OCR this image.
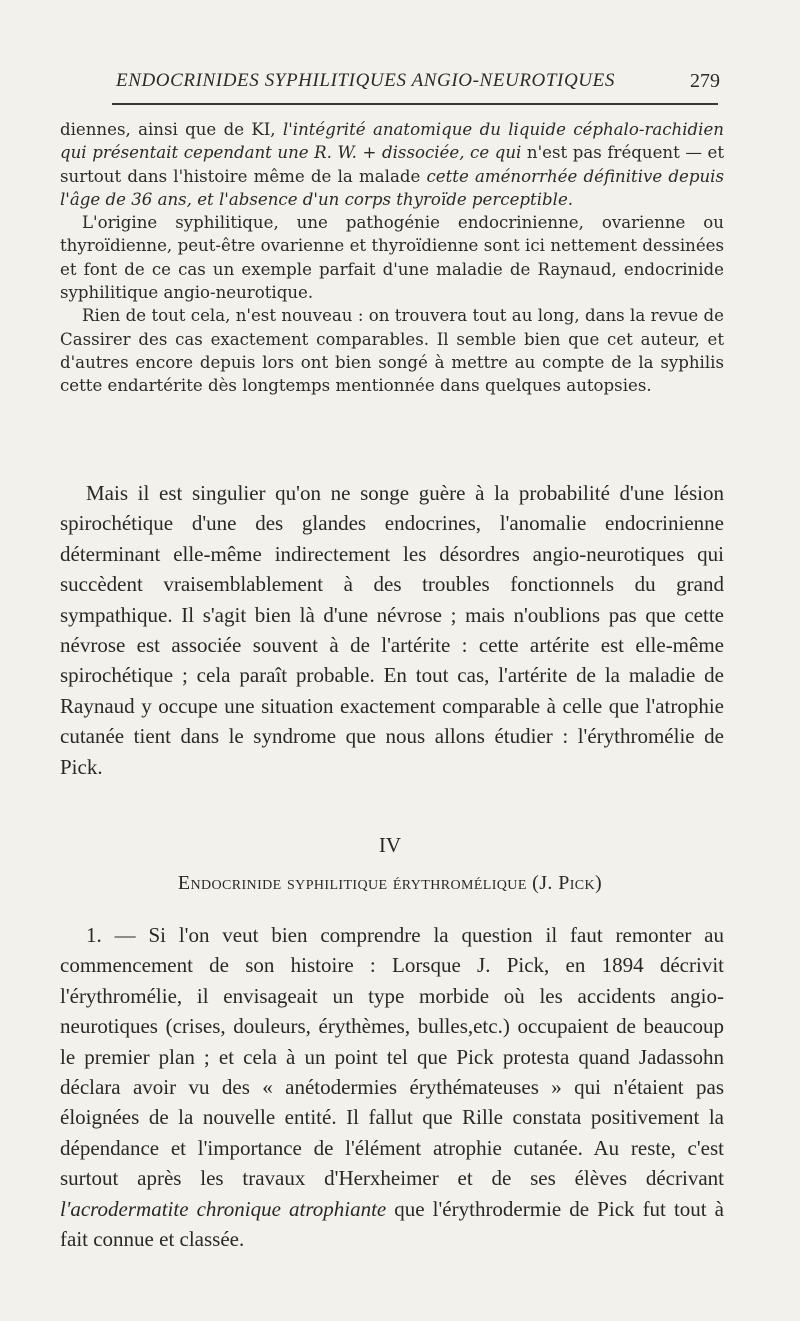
ENDOCRINIDES SYPHILITIQUES ANGIO-NEUROTIQUES	279

diennes, ainsi que de KI, l'intégrité anatomique du liquide céphalo-rachidien qui présentait cependant une R. W. + dissociée, ce qui n'est pas fréquent — et surtout dans l'histoire même de la malade cette aménorrhée définitive depuis l'âge de 36 ans, et l'absence d'un corps thyroïde perceptible.

L'origine syphilitique, une pathogénie endocrinienne, ovarienne ou thyroïdienne, peut-être ovarienne et thyroïdienne sont ici nettement dessinées et font de ce cas un exemple parfait d'une maladie de Raynaud, endocrinide syphilitique angio-neurotique.

Rien de tout cela, n'est nouveau : on trouvera tout au long, dans la revue de Cassirer des cas exactement comparables. Il semble bien que cet auteur, et d'autres encore depuis lors ont bien songé à mettre au compte de la syphilis cette endartérite dès longtemps mentionnée dans quelques autopsies.

Mais il est singulier qu'on ne songe guère à la probabilité d'une lésion spirochétique d'une des glandes endocrines, l'anomalie endocrinienne déterminant elle-même indirectement les désordres angio-neurotiques qui succèdent vraisemblablement à des troubles fonctionnels du grand sympathique. Il s'agit bien là d'une névrose ; mais n'oublions pas que cette névrose est associée souvent à de l'artérite : cette artérite est elle-même spirochétique ; cela paraît probable. En tout cas, l'artérite de la maladie de Raynaud y occupe une situation exactement comparable à celle que l'atrophie cutanée tient dans le syndrome que nous allons étudier : l'érythromélie de Pick.

IV
Endocrinide syphilitique érythromélique (J. Pick)

1. — Si l'on veut bien comprendre la question il faut remonter au commencement de son histoire : Lorsque J. Pick, en 1894 décrivit l'érythromélie, il envisageait un type morbide où les accidents angio-neurotiques (crises, douleurs, érythèmes, bulles,etc.) occupaient de beaucoup le premier plan ; et cela à un point tel que Pick protesta quand Jadassohn déclara avoir vu des « anétodermies érythémateuses » qui n'étaient pas éloignées de la nouvelle entité. Il fallut que Rille constata positivement la dépendance et l'importance de l'élément atrophie cutanée. Au reste, c'est surtout après les travaux d'Herxheimer et de ses élèves décrivant l'acrodermatite chronique atrophiante que l'érythrodermie de Pick fut tout à fait connue et classée.
